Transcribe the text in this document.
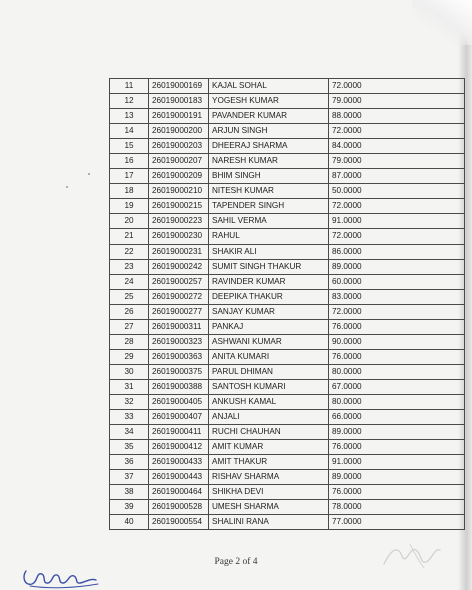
11	26019000169	KAJAL SOHAL	72.0000
12	26019000183	YOGESH KUMAR	79.0000
13	26019000191	PAVANDER KUMAR	88.0000
14	26019000200	ARJUN SINGH	72.0000
15	26019000203	DHEERAJ SHARMA	84.0000
16	26019000207	NARESH KUMAR	79.0000
17	26019000209	BHIM SINGH	87.0000
18	26019000210	NITESH KUMAR	50.0000
19	26019000215	TAPENDER SINGH	72.0000
20	26019000223	SAHIL VERMA	91.0000
21	26019000230	RAHUL	72.0000
22	26019000231	SHAKIR ALI	86.0000
23	26019000242	SUMIT SINGH THAKUR	89.0000
24	26019000257	RAVINDER KUMAR	60.0000
25	26019000272	DEEPIKA THAKUR	83.0000
26	26019000277	SANJAY KUMAR	72.0000
27	26019000311	PANKAJ	76.0000
28	26019000323	ASHWANI KUMAR	90.0000
29	26019000363	ANITA KUMARI	76.0000
30	26019000375	PARUL DHIMAN	80.0000
31	26019000388	SANTOSH KUMARI	67.0000
32	26019000405	ANKUSH KAMAL	80.0000
33	26019000407	ANJALI	66.0000
34	26019000411	RUCHI CHAUHAN	89.0000
35	26019000412	AMIT KUMAR	76.0000
36	26019000433	AMIT THAKUR	91.0000
37	26019000443	RISHAV SHARMA	89.0000
38	26019000464	SHIKHA DEVI	76.0000
39	26019000528	UMESH SHARMA	78.0000
40	26019000554	SHALINI RANA	77.0000
Page 2 of 4
